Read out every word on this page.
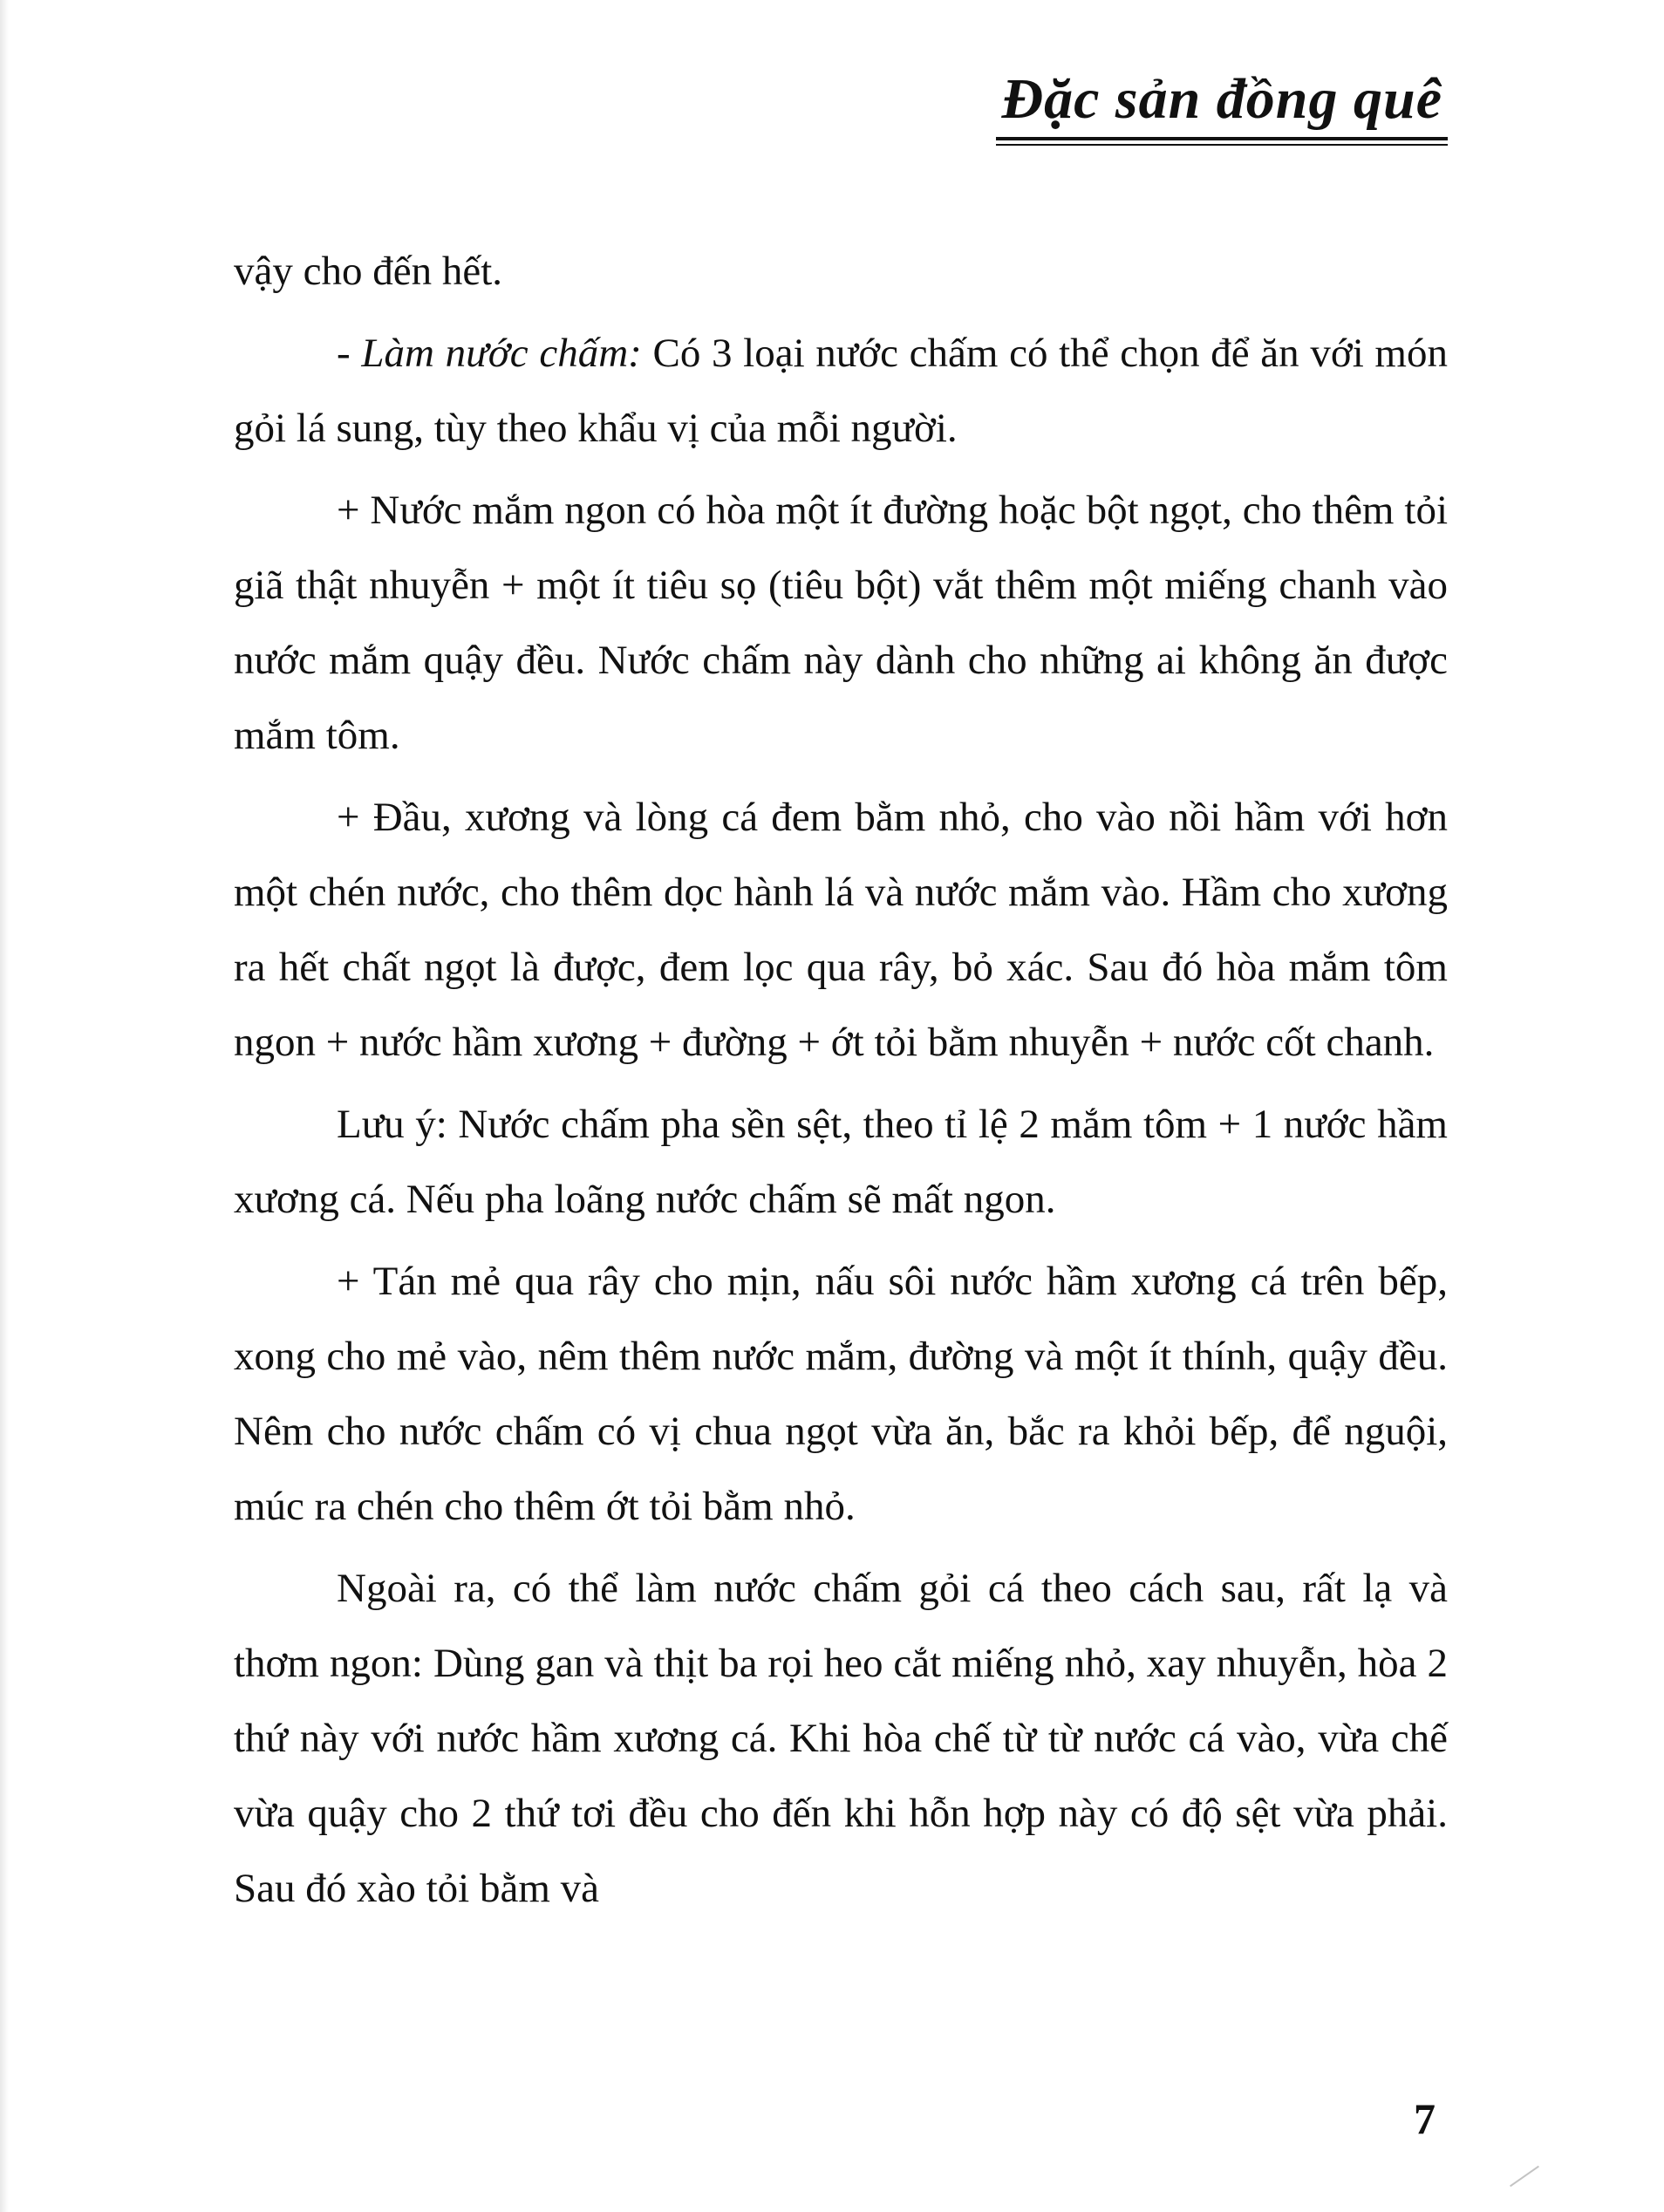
Đặc sản đồng quê

vậy cho đến hết.

- Làm nước chấm: Có 3 loại nước chấm có thể chọn để ăn với món gỏi lá sung, tùy theo khẩu vị của mỗi người.

+ Nước mắm ngon có hòa một ít đường hoặc bột ngọt, cho thêm tỏi giã thật nhuyễn + một ít tiêu sọ (tiêu bột) vắt thêm một miếng chanh vào nước mắm quậy đều. Nước chấm này dành cho những ai không ăn được mắm tôm.

+ Đầu, xương và lòng cá đem bằm nhỏ, cho vào nồi hầm với hơn một chén nước, cho thêm dọc hành lá và nước mắm vào. Hầm cho xương ra hết chất ngọt là được, đem lọc qua rây, bỏ xác. Sau đó hòa mắm tôm ngon + nước hầm xương + đường + ớt tỏi bằm nhuyễn + nước cốt chanh.

Lưu ý: Nước chấm pha sền sệt, theo tỉ lệ 2 mắm tôm + 1 nước hầm xương cá. Nếu pha loãng nước chấm sẽ mất ngon.

+ Tán mẻ qua rây cho mịn, nấu sôi nước hầm xương cá trên bếp, xong cho mẻ vào, nêm thêm nước mắm, đường và một ít thính, quậy đều. Nêm cho nước chấm có vị chua ngọt vừa ăn, bắc ra khỏi bếp, để nguội, múc ra chén cho thêm ớt tỏi bằm nhỏ.

Ngoài ra, có thể làm nước chấm gỏi cá theo cách sau, rất lạ và thơm ngon: Dùng gan và thịt ba rọi heo cắt miếng nhỏ, xay nhuyễn, hòa 2 thứ này với nước hầm xương cá. Khi hòa chế từ từ nước cá vào, vừa chế vừa quậy cho 2 thứ tơi đều cho đến khi hỗn hợp này có độ sệt vừa phải. Sau đó xào tỏi bằm và

7
